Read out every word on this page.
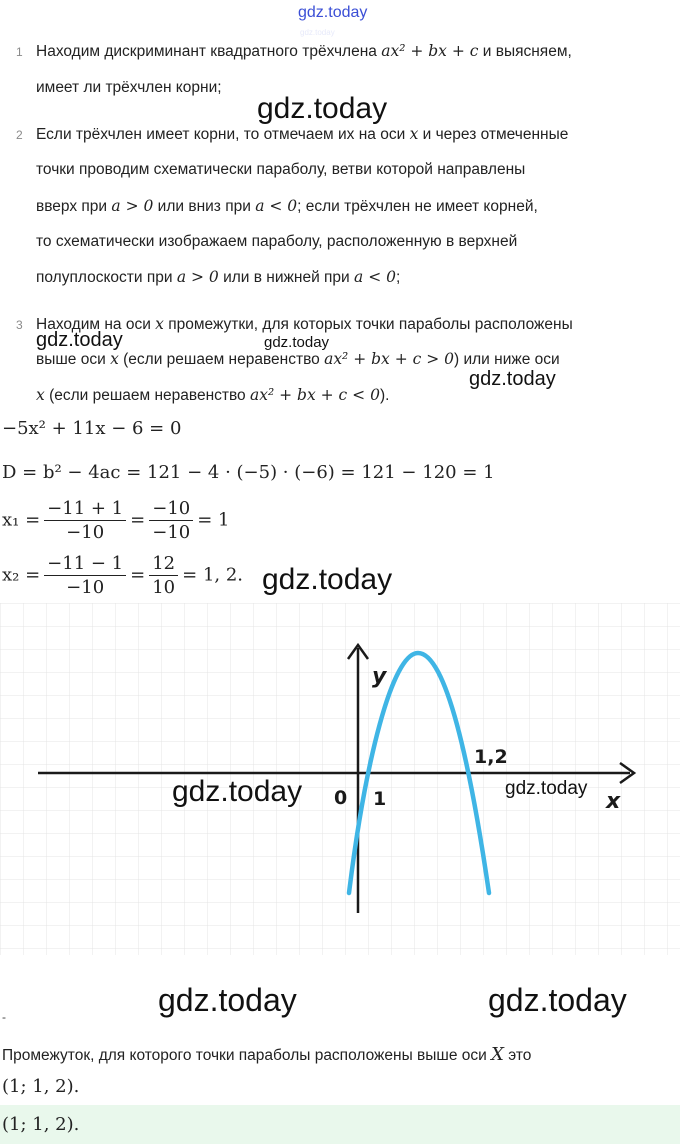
gdz.today
1 Находим дискриминант квадратного трёхчлена ax² + bx + c и выясняем,
имеет ли трёхчлен корни;
gdz.today
2 Если трёхчлен имеет корни, то отмечаем их на оси x и через отмеченные
точки проводим схематически параболу, ветви которой направлены
вверх при a > 0 или вниз при a < 0; если трёхчлен не имеет корней,
то схематически изображаем параболу, расположенную в верхней
полуплоскости при a > 0 или в нижней при a < 0;
3 Находим на оси x промежутки, для которых точки параболы расположены
gdz.today	gdz.today
выше оси x (если решаем неравенство ax² + bx + c > 0) или ниже оси
gdz.today
x (если решаем неравенство ax² + bx + c < 0).
−5x² + 11x − 6 = 0
D = b² − 4ac = 121 − 4 · (−5) · (−6) = 121 − 120 = 1
$x_1 = \frac{-11 + 1}{-10} = \frac{-10}{-10} = 1$
$x_2 = \frac{-11 - 1}{-10} = \frac{12}{10} = 1$, 2. gdz.today
y
x
0 1
1,2
gdz.today	gdz.today
gdz.today	gdz.today
-
Промежуток, для которого точки параболы расположены выше оси X это
(1; 1, 2).
(1; 1, 2).
gdz.today
